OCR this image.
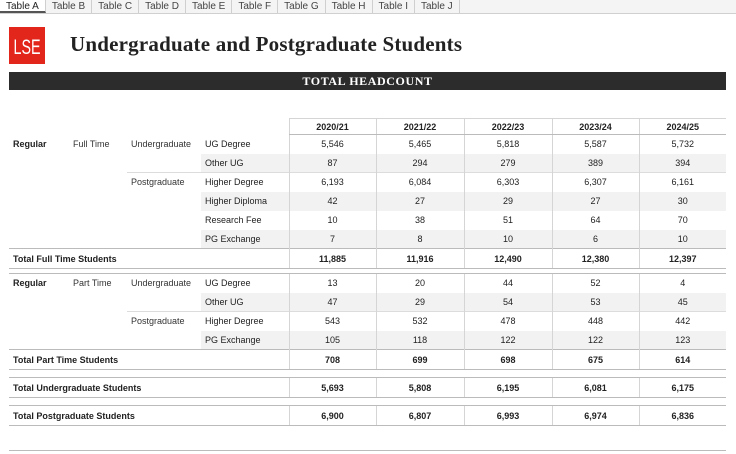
Table A	Table B	Table C	Table D	Table E	Table F	Table G	Table H	Table I	Table J
LSE Undergraduate and Postgraduate Students
TOTAL HEADCOUNT
				2020/21	2021/22	2022/23	2023/24	2024/25
Regular	Full Time	Undergraduate	UG Degree	5,546	5,465	5,818	5,587	5,732
			Other UG	87	294	279	389	394
		Postgraduate	Higher Degree	6,193	6,084	6,303	6,307	6,161
			Higher Diploma	42	27	29	27	30
			Research Fee	10	38	51	64	70
			PG Exchange	7	8	10	6	10
Total Full Time Students				11,885	11,916	12,490	12,380	12,397

Regular	Part Time	Undergraduate	UG Degree	13	20	44	52	4
			Other UG	47	29	54	53	45
		Postgraduate	Higher Degree	543	532	478	448	442
			PG Exchange	105	118	122	122	123
Total Part Time Students				708	699	698	675	614

Total Undergraduate Students				5,693	5,808	6,195	6,081	6,175

Total Postgraduate Students				6,900	6,807	6,993	6,974	6,836
